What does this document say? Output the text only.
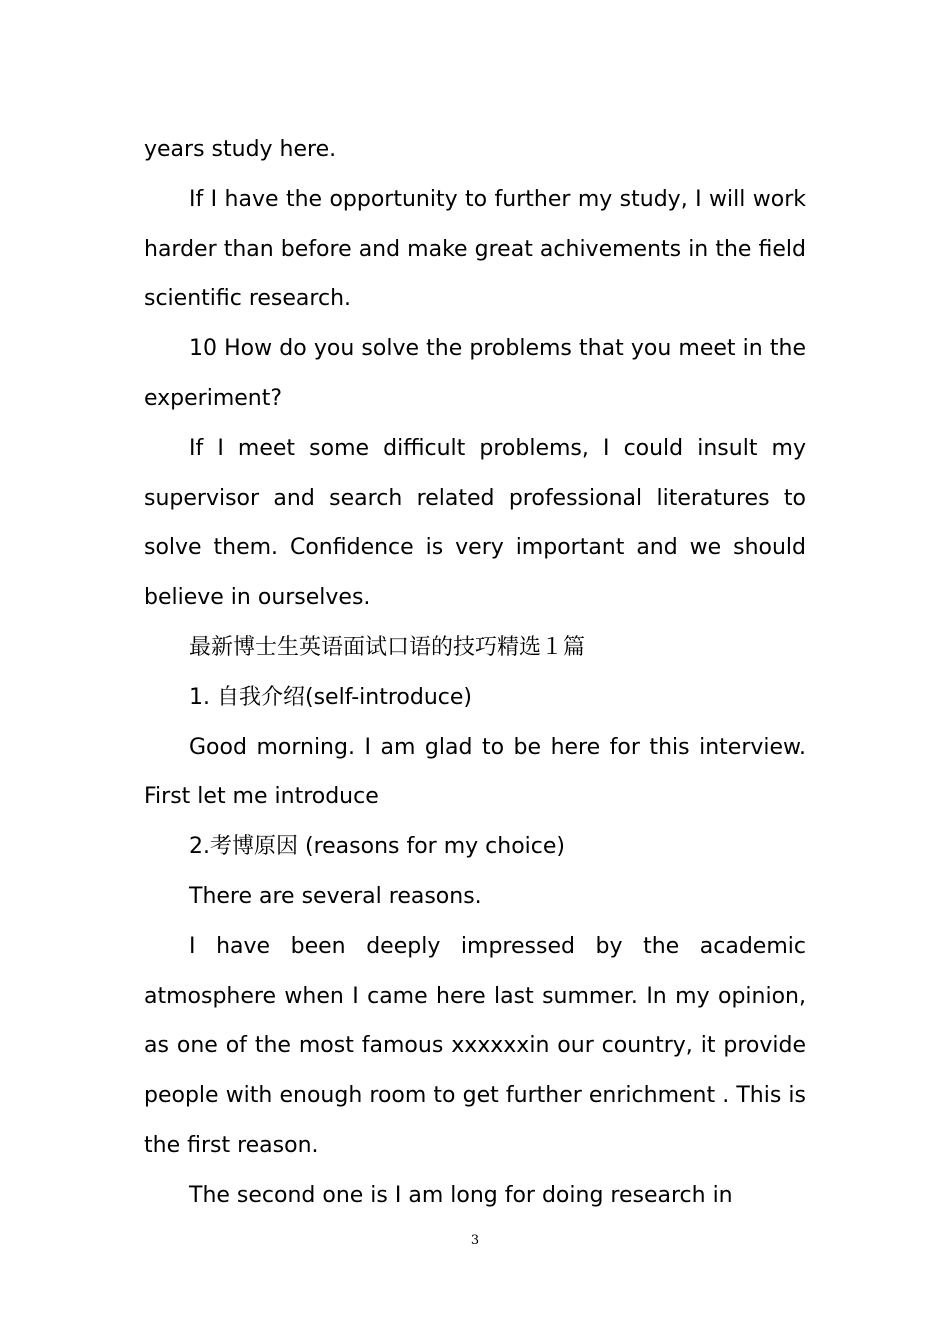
years study here.

If I have the opportunity to further my study, I will work harder than before and make great achivements in the field scientific research.

10 How do you solve the problems that you meet in the experiment?

If I meet some difficult problems, I could insult my supervisor and search related professional literatures to solve them. Confidence is very important and we should believe in ourselves.

最新博士生英语面试口语的技巧精选１篇

1. 自我介绍(self-introduce)

Good morning. I am glad to be here for this interview. First let me introduce

2.考博原因 (reasons for my choice)

There are several reasons.

I have been deeply impressed by the academic atmosphere when I came here last summer. In my opinion, as one of the most famous xxxxxxin our country, it provide people with enough room to get further enrichment . This is the first reason.

The second one is I am long for doing research in

3
